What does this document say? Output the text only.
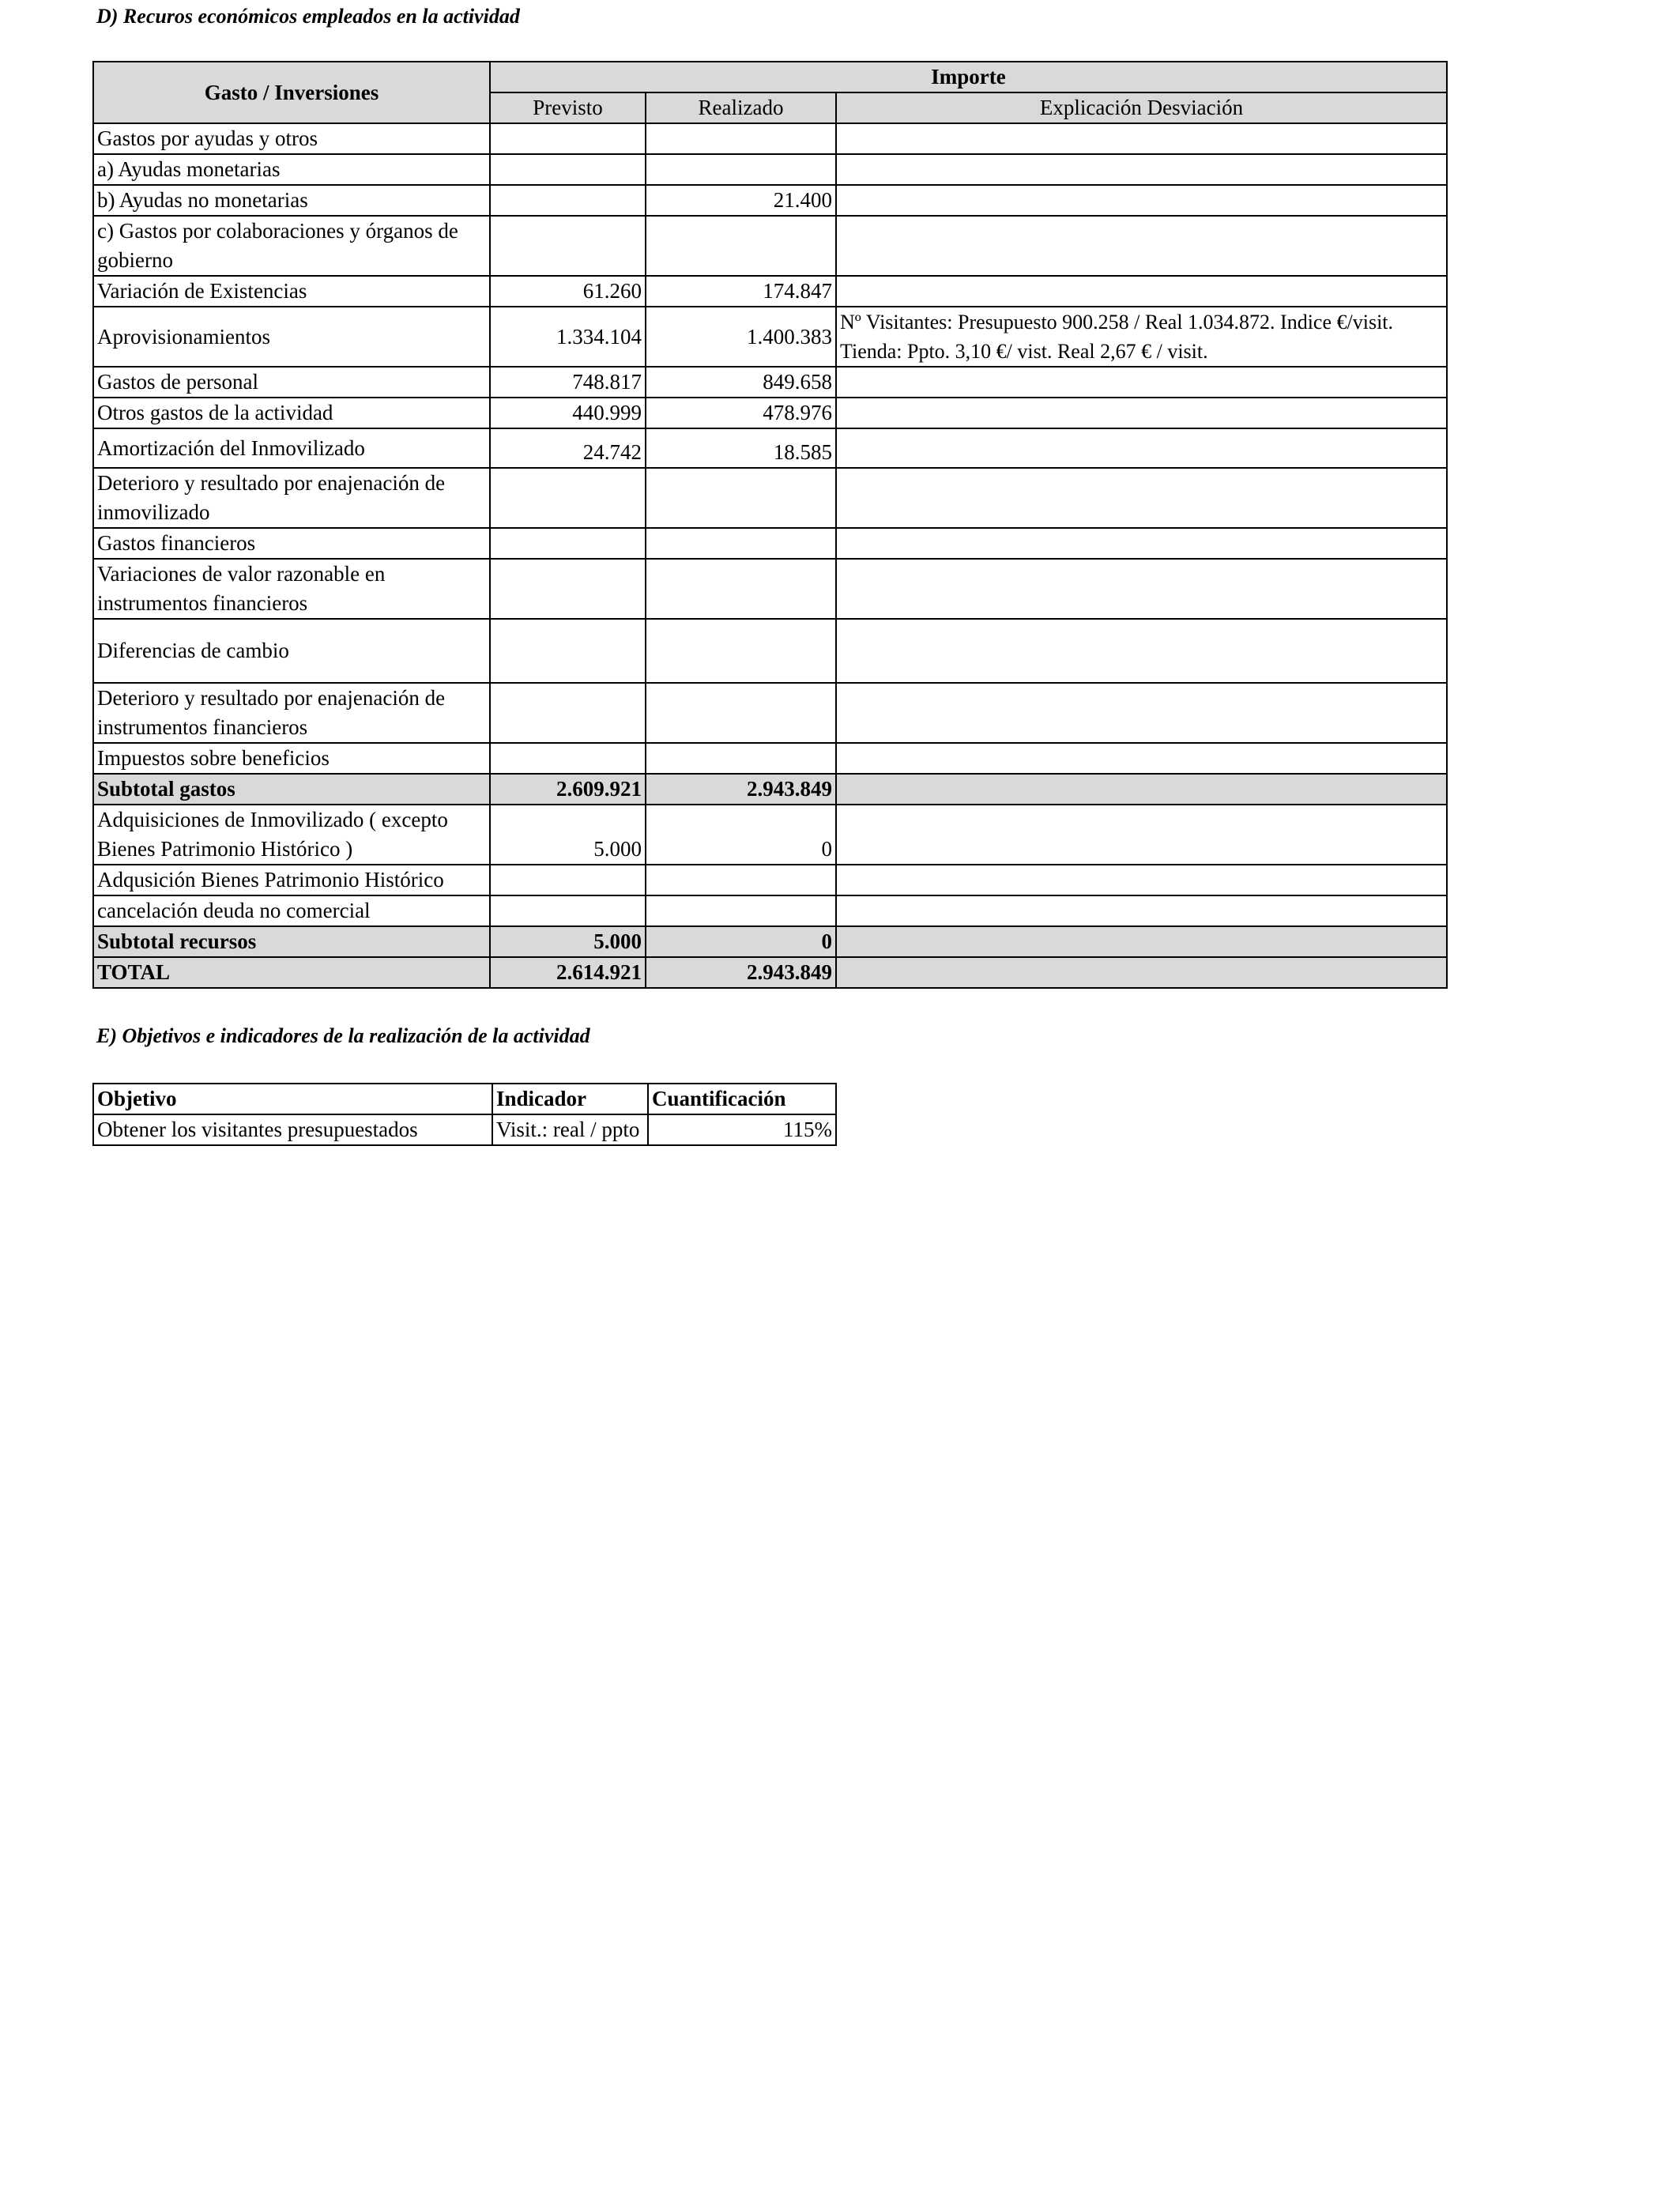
D) Recuros económicos empleados en la actividad
Gasto / Inversiones	Importe		
	Previsto	Realizado	Explicación Desviación
Gastos por ayudas y otros			
a) Ayudas monetarias			
b) Ayudas no monetarias		21.400	
c) Gastos por colaboraciones y órganos de gobierno			
Variación de Existencias	61.260	174.847	
Aprovisionamientos	1.334.104	1.400.383	Nº Visitantes: Presupuesto 900.258 / Real 1.034.872. Indice €/visit. Tienda: Ppto. 3,10 €/ vist. Real 2,67 € / visit.
Gastos de personal	748.817	849.658	
Otros gastos de la actividad	440.999	478.976	
Amortización del Inmovilizado	24.742	18.585	
Deterioro y resultado por enajenación de inmovilizado			
Gastos financieros			
Variaciones de valor razonable en instrumentos financieros			
Diferencias de cambio			
Deterioro y resultado por enajenación de instrumentos financieros			
Impuestos sobre beneficios			
Subtotal gastos	2.609.921	2.943.849	
Adquisiciones de Inmovilizado ( excepto Bienes Patrimonio Histórico )	5.000	0	
Adqusición Bienes Patrimonio Histórico			
cancelación deuda no comercial			
Subtotal recursos	5.000	0	
TOTAL	2.614.921	2.943.849	
E) Objetivos e indicadores de la realización de la actividad
Objetivo	Indicador	Cuantificación
Obtener los visitantes presupuestados	Visit.: real / ppto	115%
